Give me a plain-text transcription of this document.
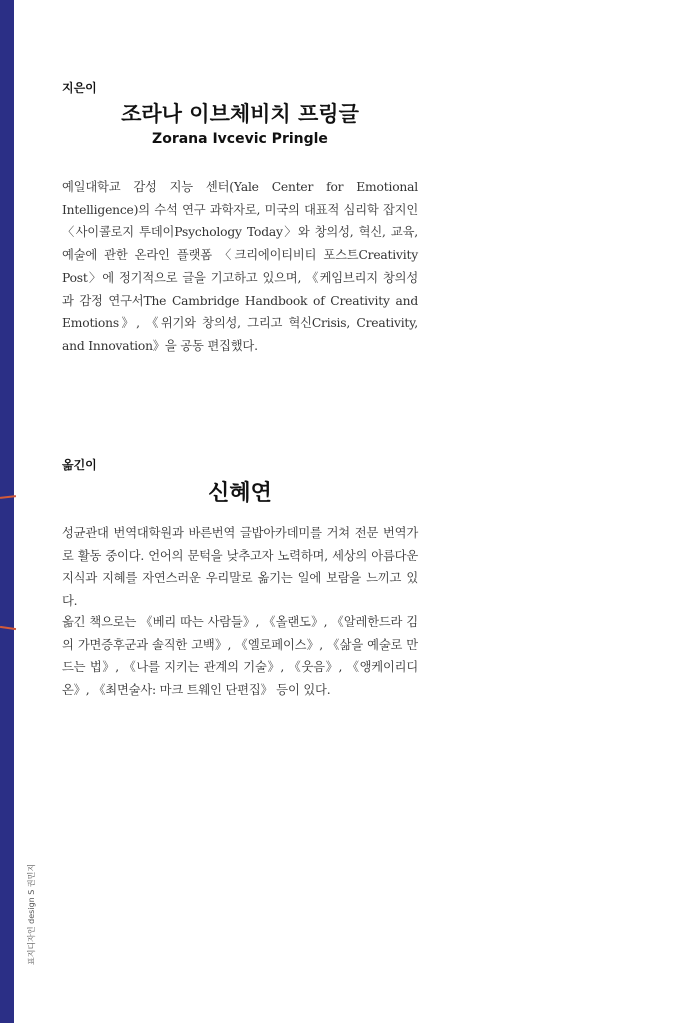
지은이
조라나 이브체비치 프링글
Zorana Ivcevic Pringle
예일대학교 감성 지능 센터(Yale Center for Emotional Intelligence)의 수석 연구 과학자로, 미국의 대표적 심리학 잡지인 〈사이콜로지 투데이Psychology Today〉와 창의성, 혁신, 교육, 예술에 관한 온라인 플랫폼 〈크리에이티비티 포스트Creativity Post〉에 정기적으로 글을 기고하고 있으며, 《케임브리지 창의성과 감정 연구서The Cambridge Handbook of Creativity and Emotions》, 《위기와 창의성, 그리고 혁신Crisis, Creativity, and Innovation》을 공동 편집했다.
옮긴이
신혜연
성균관대 번역대학원과 바른번역 글밥아카데미를 거쳐 전문 번역가로 활동 중이다. 언어의 문턱을 낮추고자 노력하며, 세상의 아름다운 지식과 지혜를 자연스러운 우리말로 옮기는 일에 보람을 느끼고 있다.
옮긴 책으로는 《베리 따는 사람들》, 《올랜도》, 《알레한드라 김의 가면증후군과 솔직한 고백》, 《엘로페이스》, 《삶을 예술로 만드는 법》, 《나를 지키는 관계의 기술》, 《웃음》, 《앵케이리디온》, 《최면술사: 마크 트웨인 단편집》 등이 있다.
표지디자인 design S 권민지
